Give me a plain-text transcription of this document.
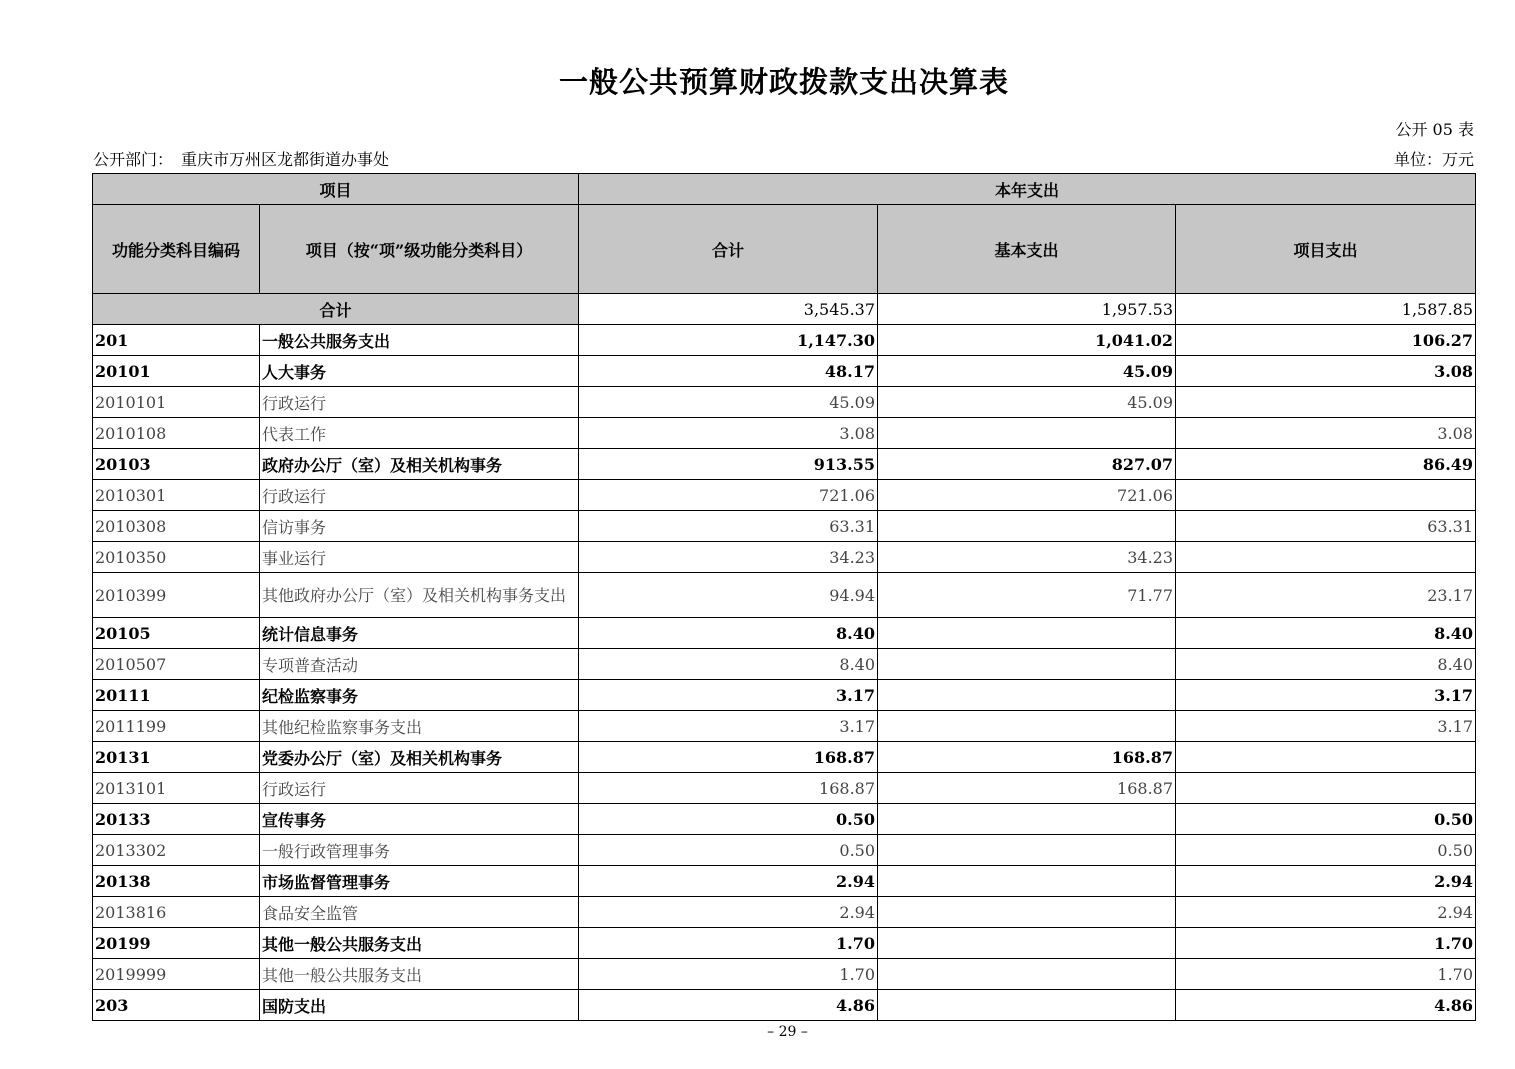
一般公共预算财政拨款支出决算表
公开 05 表
公开部门：　重庆市万州区龙都街道办事处	单位：万元
项目		本年支出		
功能分类科目编码	项目（按“项”级功能分类科目）	合计	基本支出	项目支出
合计		3,545.37	1,957.53	1,587.85
201	一般公共服务支出	1,147.30	1,041.02	106.27
20101	人大事务	48.17	45.09	3.08
2010101	行政运行	45.09	45.09	
2010108	代表工作	3.08		3.08
20103	政府办公厅（室）及相关机构事务	913.55	827.07	86.49
2010301	行政运行	721.06	721.06	
2010308	信访事务	63.31		63.31
2010350	事业运行	34.23	34.23	
2010399	其他政府办公厅（室）及相关机构事务支出	94.94	71.77	23.17
20105	统计信息事务	8.40		8.40
2010507	专项普查活动	8.40		8.40
20111	纪检监察事务	3.17		3.17
2011199	其他纪检监察事务支出	3.17		3.17
20131	党委办公厅（室）及相关机构事务	168.87	168.87	
2013101	行政运行	168.87	168.87	
20133	宣传事务	0.50		0.50
2013302	一般行政管理事务	0.50		0.50
20138	市场监督管理事务	2.94		2.94
2013816	食品安全监管	2.94		2.94
20199	其他一般公共服务支出	1.70		1.70
2019999	其他一般公共服务支出	1.70		1.70
203	国防支出	4.86		4.86
– 29 –
